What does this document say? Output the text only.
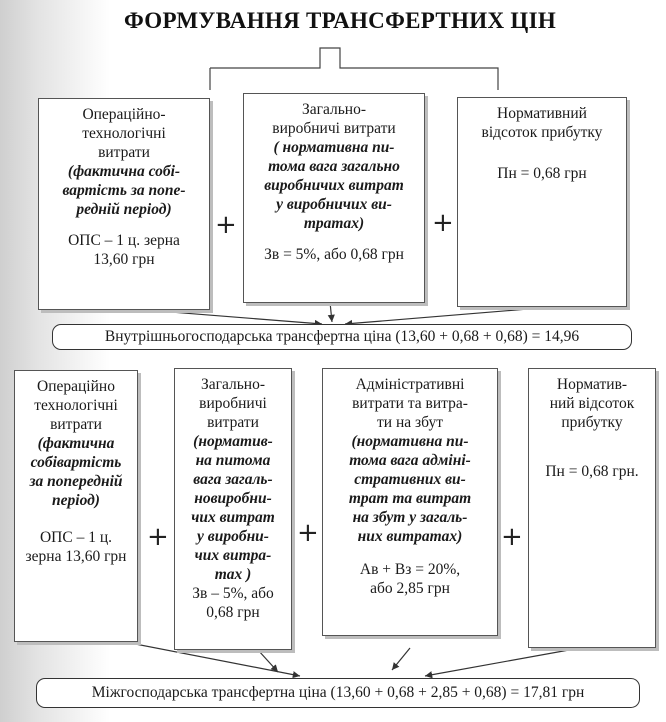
ФОРМУВАННЯ ТРАНСФЕРТНИХ ЦІН
Операційно-
технологічні
витрати
(фактична собі-
вартість за попе-
редній період)
ОПС – 1 ц. зерна
13,60 грн
+
Загально-
виробничі витрати
( нормативна пи-
тома вага загально
виробничих витрат
у виробничих ви-
тратах)
Зв = 5%, або 0,68 грн
+
Нормативний
відсоток прибутку
Пн = 0,68 грн
Внутрішньогосподарська трансфертна ціна (13,60 + 0,68 + 0,68) = 14,96
Операційно
технологічні
витрати
(фактична
собівартість
за попередній
період)
ОПС – 1 ц.
зерна 13,60 грн
+
Загально-
виробничі
витрати
(норматив-
на питома
вага загаль-
новиробни-
чих витрат
у виробни-
чих витра-
тах )
Зв – 5%, або
0,68 грн
+
Адміністративні
витрати та витра-
ти на збут
(нормативна пи-
тома вага адміні-
стративних ви-
трат та витрат
на збут у загаль-
них витратах)
Ав + Вз = 20%,
або 2,85 грн
+
Норматив-
ний відсоток
прибутку
Пн = 0,68 грн.
Міжгосподарська трансфертна ціна (13,60 + 0,68 + 2,85 + 0,68) = 17,81 грн
